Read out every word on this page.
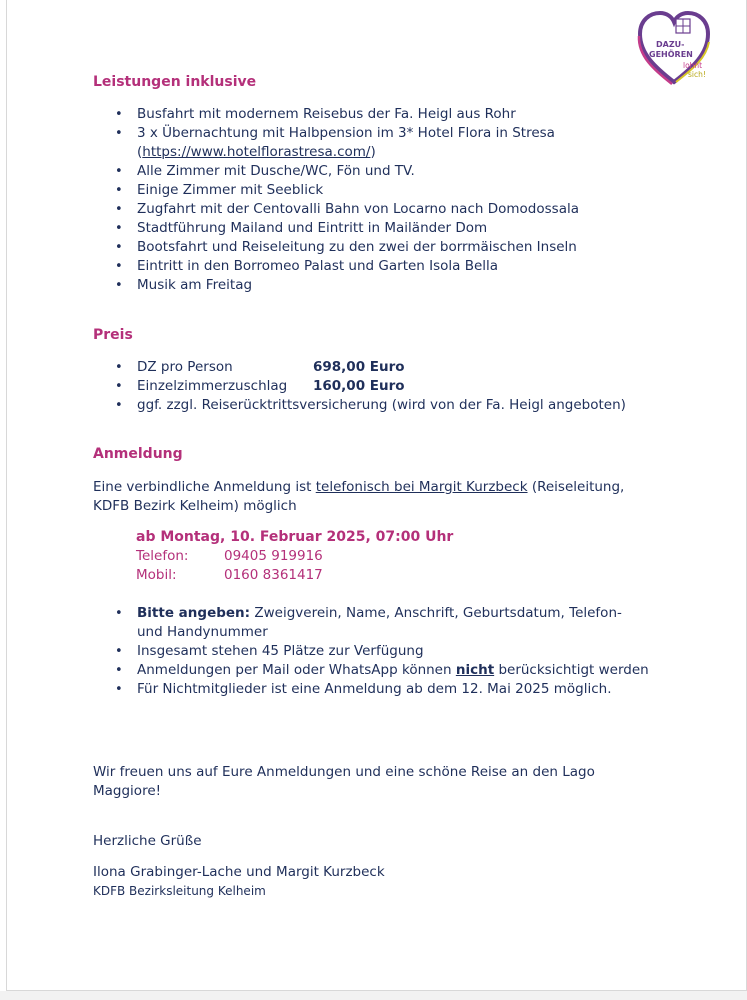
DAZU-
GEHÖREN
lohnt
sich!
Leistungen inklusive
• Busfahrt mit modernem Reisebus der Fa. Heigl aus Rohr
• 3 x Übernachtung mit Halbpension im 3* Hotel Flora in Stresa
(https://www.hotelflorastresa.com/)
• Alle Zimmer mit Dusche/WC, Fön und TV.
• Einige Zimmer mit Seeblick
• Zugfahrt mit der Centovalli Bahn von Locarno nach Domodossala
• Stadtführung Mailand und Eintritt in Mailänder Dom
• Bootsfahrt und Reiseleitung zu den zwei der borrmäischen Inseln
• Eintritt in den Borromeo Palast und Garten Isola Bella
• Musik am Freitag
Preis
• DZ pro Person	698,00 Euro
• Einzelzimmerzuschlag 160,00 Euro
• ggf. zzgl. Reiserücktrittsversicherung (wird von der Fa. Heigl angeboten)
Anmeldung
Eine verbindliche Anmeldung ist telefonisch bei Margit Kurzbeck (Reiseleitung,
KDFB Bezirk Kelheim) möglich
ab Montag, 10. Februar 2025, 07:00 Uhr
Telefon:	09405 919916
Mobil:	0160 8361417
• Bitte angeben: Zweigverein, Name, Anschrift, Geburtsdatum, Telefon-
und Handynummer
• Insgesamt stehen 45 Plätze zur Verfügung
• Anmeldungen per Mail oder WhatsApp können nicht berücksichtigt werden
• Für Nichtmitglieder ist eine Anmeldung ab dem 12. Mai 2025 möglich.
Wir freuen uns auf Eure Anmeldungen und eine schöne Reise an den Lago
Maggiore!
Herzliche Grüße
Ilona Grabinger-Lache und Margit Kurzbeck
KDFB Bezirksleitung Kelheim
